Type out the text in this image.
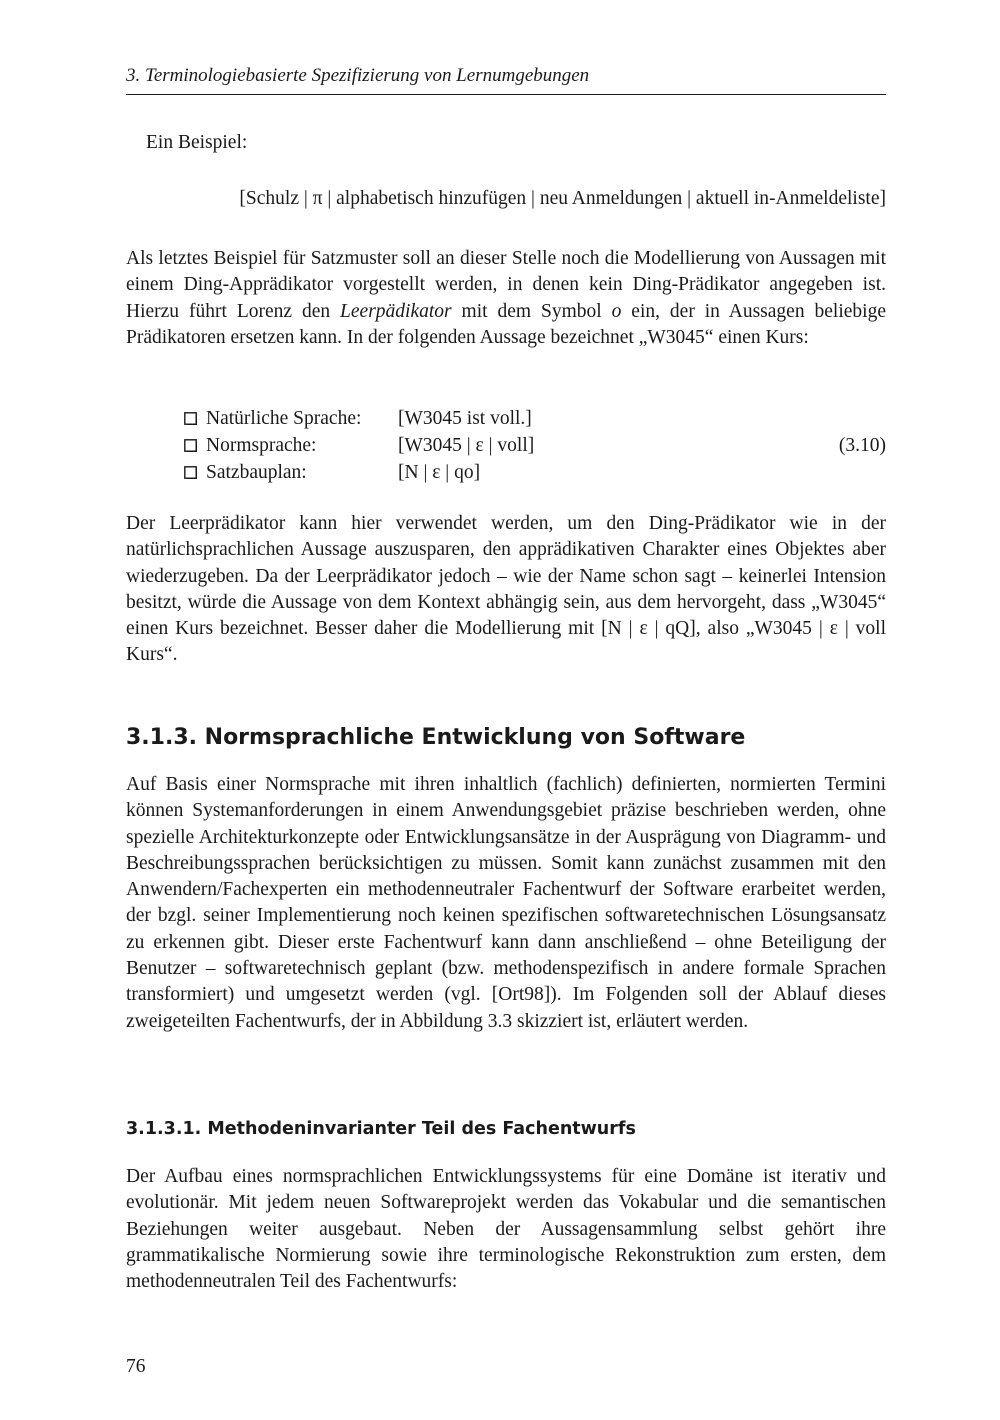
3. Terminologiebasierte Spezifizierung von Lernumgebungen
Ein Beispiel:
[Schulz | π | alphabetisch hinzufügen | neu Anmeldungen | aktuell in-Anmeldeliste]

Als letztes Beispiel für Satzmuster soll an dieser Stelle noch die Modellierung von Aussagen mit einem Ding-Apprädikator vorgestellt werden, in denen kein Ding-Prädikator angegeben ist. Hierzu führt Lorenz den Leerpädikator mit dem Symbol o ein, der in Aussagen beliebige Prädikatoren ersetzen kann. In der folgenden Aussage bezeichnet „W3045“ einen Kurs:

Natürliche Sprache: [W3045 ist voll.]
Normsprache:	[W3045 | ε | voll]
Satzbauplan:	[N | ε | qo]
(3.10)

Der Leerprädikator kann hier verwendet werden, um den Ding-Prädikator wie in der natürlichsprachlichen Aussage auszusparen, den apprädikativen Charakter eines Objektes aber wiederzugeben. Da der Leerprädikator jedoch – wie der Name schon sagt – keinerlei Intension besitzt, würde die Aussage von dem Kontext abhängig sein, aus dem hervorgeht, dass „W3045“ einen Kurs bezeichnet. Besser daher die Modellierung mit [N | ε | qQ], also „W3045 | ε | voll Kurs“.

3.1.3. Normsprachliche Entwicklung von Software

Auf Basis einer Normsprache mit ihren inhaltlich (fachlich) definierten, normierten Termini können Systemanforderungen in einem Anwendungsgebiet präzise beschrieben werden, ohne spezielle Architekturkonzepte oder Entwicklungsansätze in der Ausprägung von Diagramm- und Beschreibungssprachen berücksichtigen zu müssen. Somit kann zunächst zusammen mit den Anwendern/Fachexperten ein methodenneutraler Fachentwurf der Software erarbeitet werden, der bzgl. seiner Implementierung noch keinen spezifischen softwaretechnischen Lösungsansatz zu erkennen gibt. Dieser erste Fachentwurf kann dann anschließend – ohne Beteiligung der Benutzer – softwaretechnisch geplant (bzw. methodenspezifisch in andere formale Sprachen transformiert) und umgesetzt werden (vgl. [Ort98]). Im Folgenden soll der Ablauf dieses zweigeteilten Fachentwurfs, der in Abbildung 3.3 skizziert ist, erläutert werden.

3.1.3.1. Methodeninvarianter Teil des Fachentwurfs

Der Aufbau eines normsprachlichen Entwicklungssystems für eine Domäne ist iterativ und evolutionär. Mit jedem neuen Softwareprojekt werden das Vokabular und die semantischen Beziehungen weiter ausgebaut. Neben der Aussagensammlung selbst gehört ihre grammatikalische Normierung sowie ihre terminologische Rekonstruktion zum ersten, dem methodenneutralen Teil des Fachentwurfs:

76
